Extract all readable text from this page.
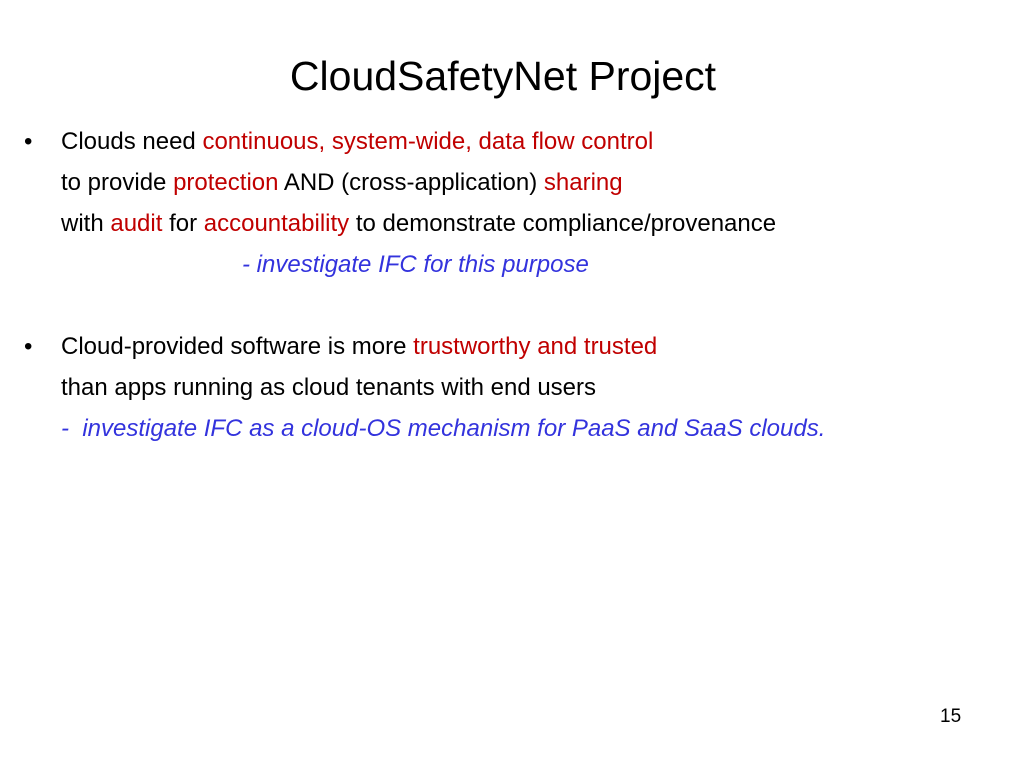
CloudSafetyNet Project
• Clouds need continuous, system-wide, data flow control
to provide protection AND (cross-application) sharing
with audit for accountability to demonstrate compliance/provenance
- investigate IFC for this purpose
• Cloud-provided software is more trustworthy and trusted
than apps running as cloud tenants with end users
-  investigate IFC as a cloud-OS mechanism for PaaS and SaaS clouds.
15
